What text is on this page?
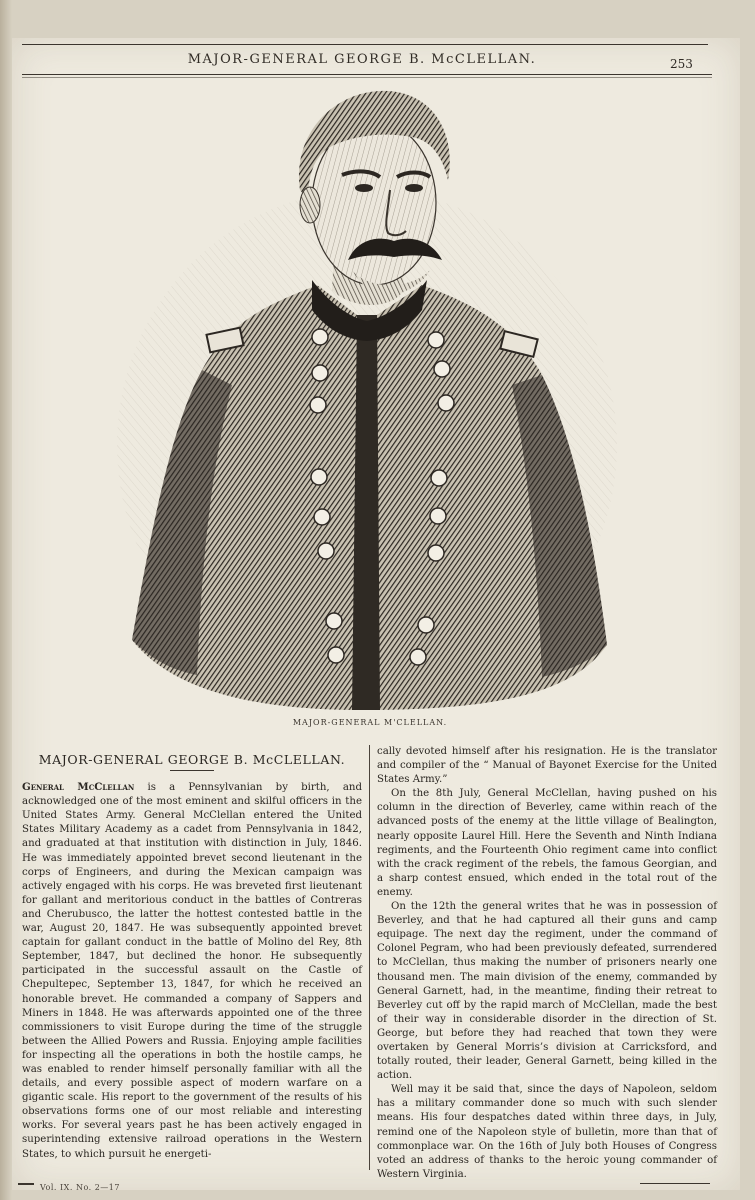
MAJOR-GENERAL GEORGE B. McCLELLAN.	253
MAJOR-GENERAL M'CLELLAN.
MAJOR-GENERAL GEORGE B. McCLELLAN.

General McClellan is a Pennsylvanian by birth, and acknowledged one of the most eminent and skilful officers in the United States Army. General McClellan entered the United States Military Academy as a cadet from Pennsylvania in 1842, and graduated at that institution with distinction in July, 1846. He was immediately appointed brevet second lieutenant in the corps of Engineers, and during the Mexican campaign was actively engaged with his corps. He was breveted first lieutenant for gallant and meritorious conduct in the battles of Contreras and Cherubusco, the latter the hottest contested battle in the war, August 20, 1847. He was subsequently appointed brevet captain for gallant conduct in the battle of Molino del Rey, 8th September, 1847, but declined the honor. He subsequently participated in the successful assault on the Castle of Chepultepec, September 13, 1847, for which he received an honorable brevet. He commanded a company of Sappers and Miners in 1848. He was afterwards appointed one of the three commissioners to visit Europe during the time of the struggle between the Allied Powers and Russia. Enjoying ample facilities for inspecting all the operations in both the hostile camps, he was enabled to render himself personally familiar with all the details, and every possible aspect of modern warfare on a gigantic scale. His report to the government of the results of his observations forms one of our most reliable and interesting works. For several years past he has been actively engaged in superintending extensive railroad operations in the Western States, to which pursuit he energeti-

cally devoted himself after his resignation. He is the translator and compiler of the “ Manual of Bayonet Exercise for the United States Army.”

On the 8th July, General McClellan, having pushed on his column in the direction of Beverley, came within reach of the advanced posts of the enemy at the little village of Bealington, nearly opposite Laurel Hill. Here the Seventh and Ninth Indiana regiments, and the Fourteenth Ohio regiment came into conflict with the crack regiment of the rebels, the famous Georgian, and a sharp contest ensued, which ended in the total rout of the enemy.

On the 12th the general writes that he was in possession of Beverley, and that he had captured all their guns and camp equipage. The next day the regiment, under the command of Colonel Pegram, who had been previously defeated, surrendered to McClellan, thus making the number of prisoners nearly one thousand men. The main division of the enemy, commanded by General Garnett, had, in the meantime, finding their retreat to Beverley cut off by the rapid march of McClellan, made the best of their way in considerable disorder in the direction of St. George, but before they had reached that town they were overtaken by General Morris’s division at Carricksford, and totally routed, their leader, General Garnett, being killed in the action.

Well may it be said that, since the days of Napoleon, seldom has a military commander done so much with such slender means. His four despatches dated within three days, in July, remind one of the Napoleon style of bulletin, more than that of commonplace war. On the 16th of July both Houses of Congress voted an address of thanks to the heroic young commander of Western Virginia.

Vol. IX. No. 2—17
